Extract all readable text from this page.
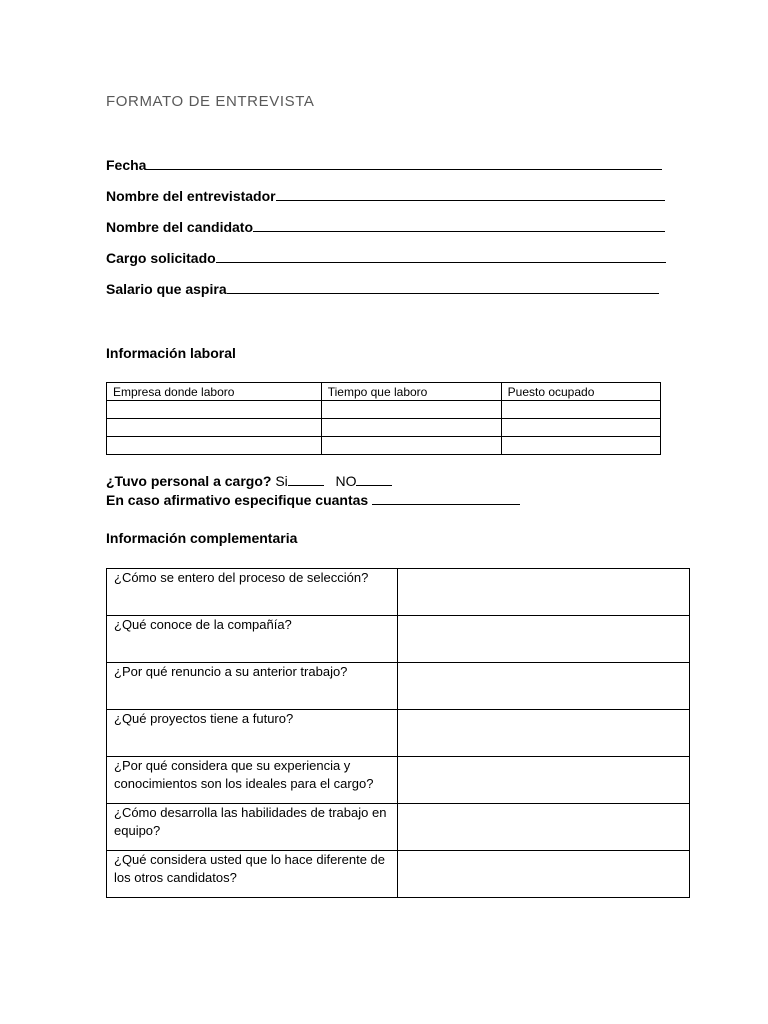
FORMATO DE ENTREVISTA
Fecha
Nombre del entrevistador
Nombre del candidato
Cargo solicitado
Salario que aspira
Información laboral
Empresa donde laboro	Tiempo que laboro	Puesto ocupado

¿Tuvo personal a cargo? Si	NO
En caso afirmativo especifique cuantas
Información complementaria
¿Cómo se entero del proceso de selección?	
¿Qué conoce de la compañía?	
¿Por qué renuncio a su anterior trabajo?	
¿Qué proyectos tiene a futuro?	
¿Por qué considera que su experiencia y conocimientos son los ideales para el cargo?	
¿Cómo desarrolla las habilidades de trabajo en equipo?	
¿Qué considera usted que lo hace diferente de los otros candidatos?	
